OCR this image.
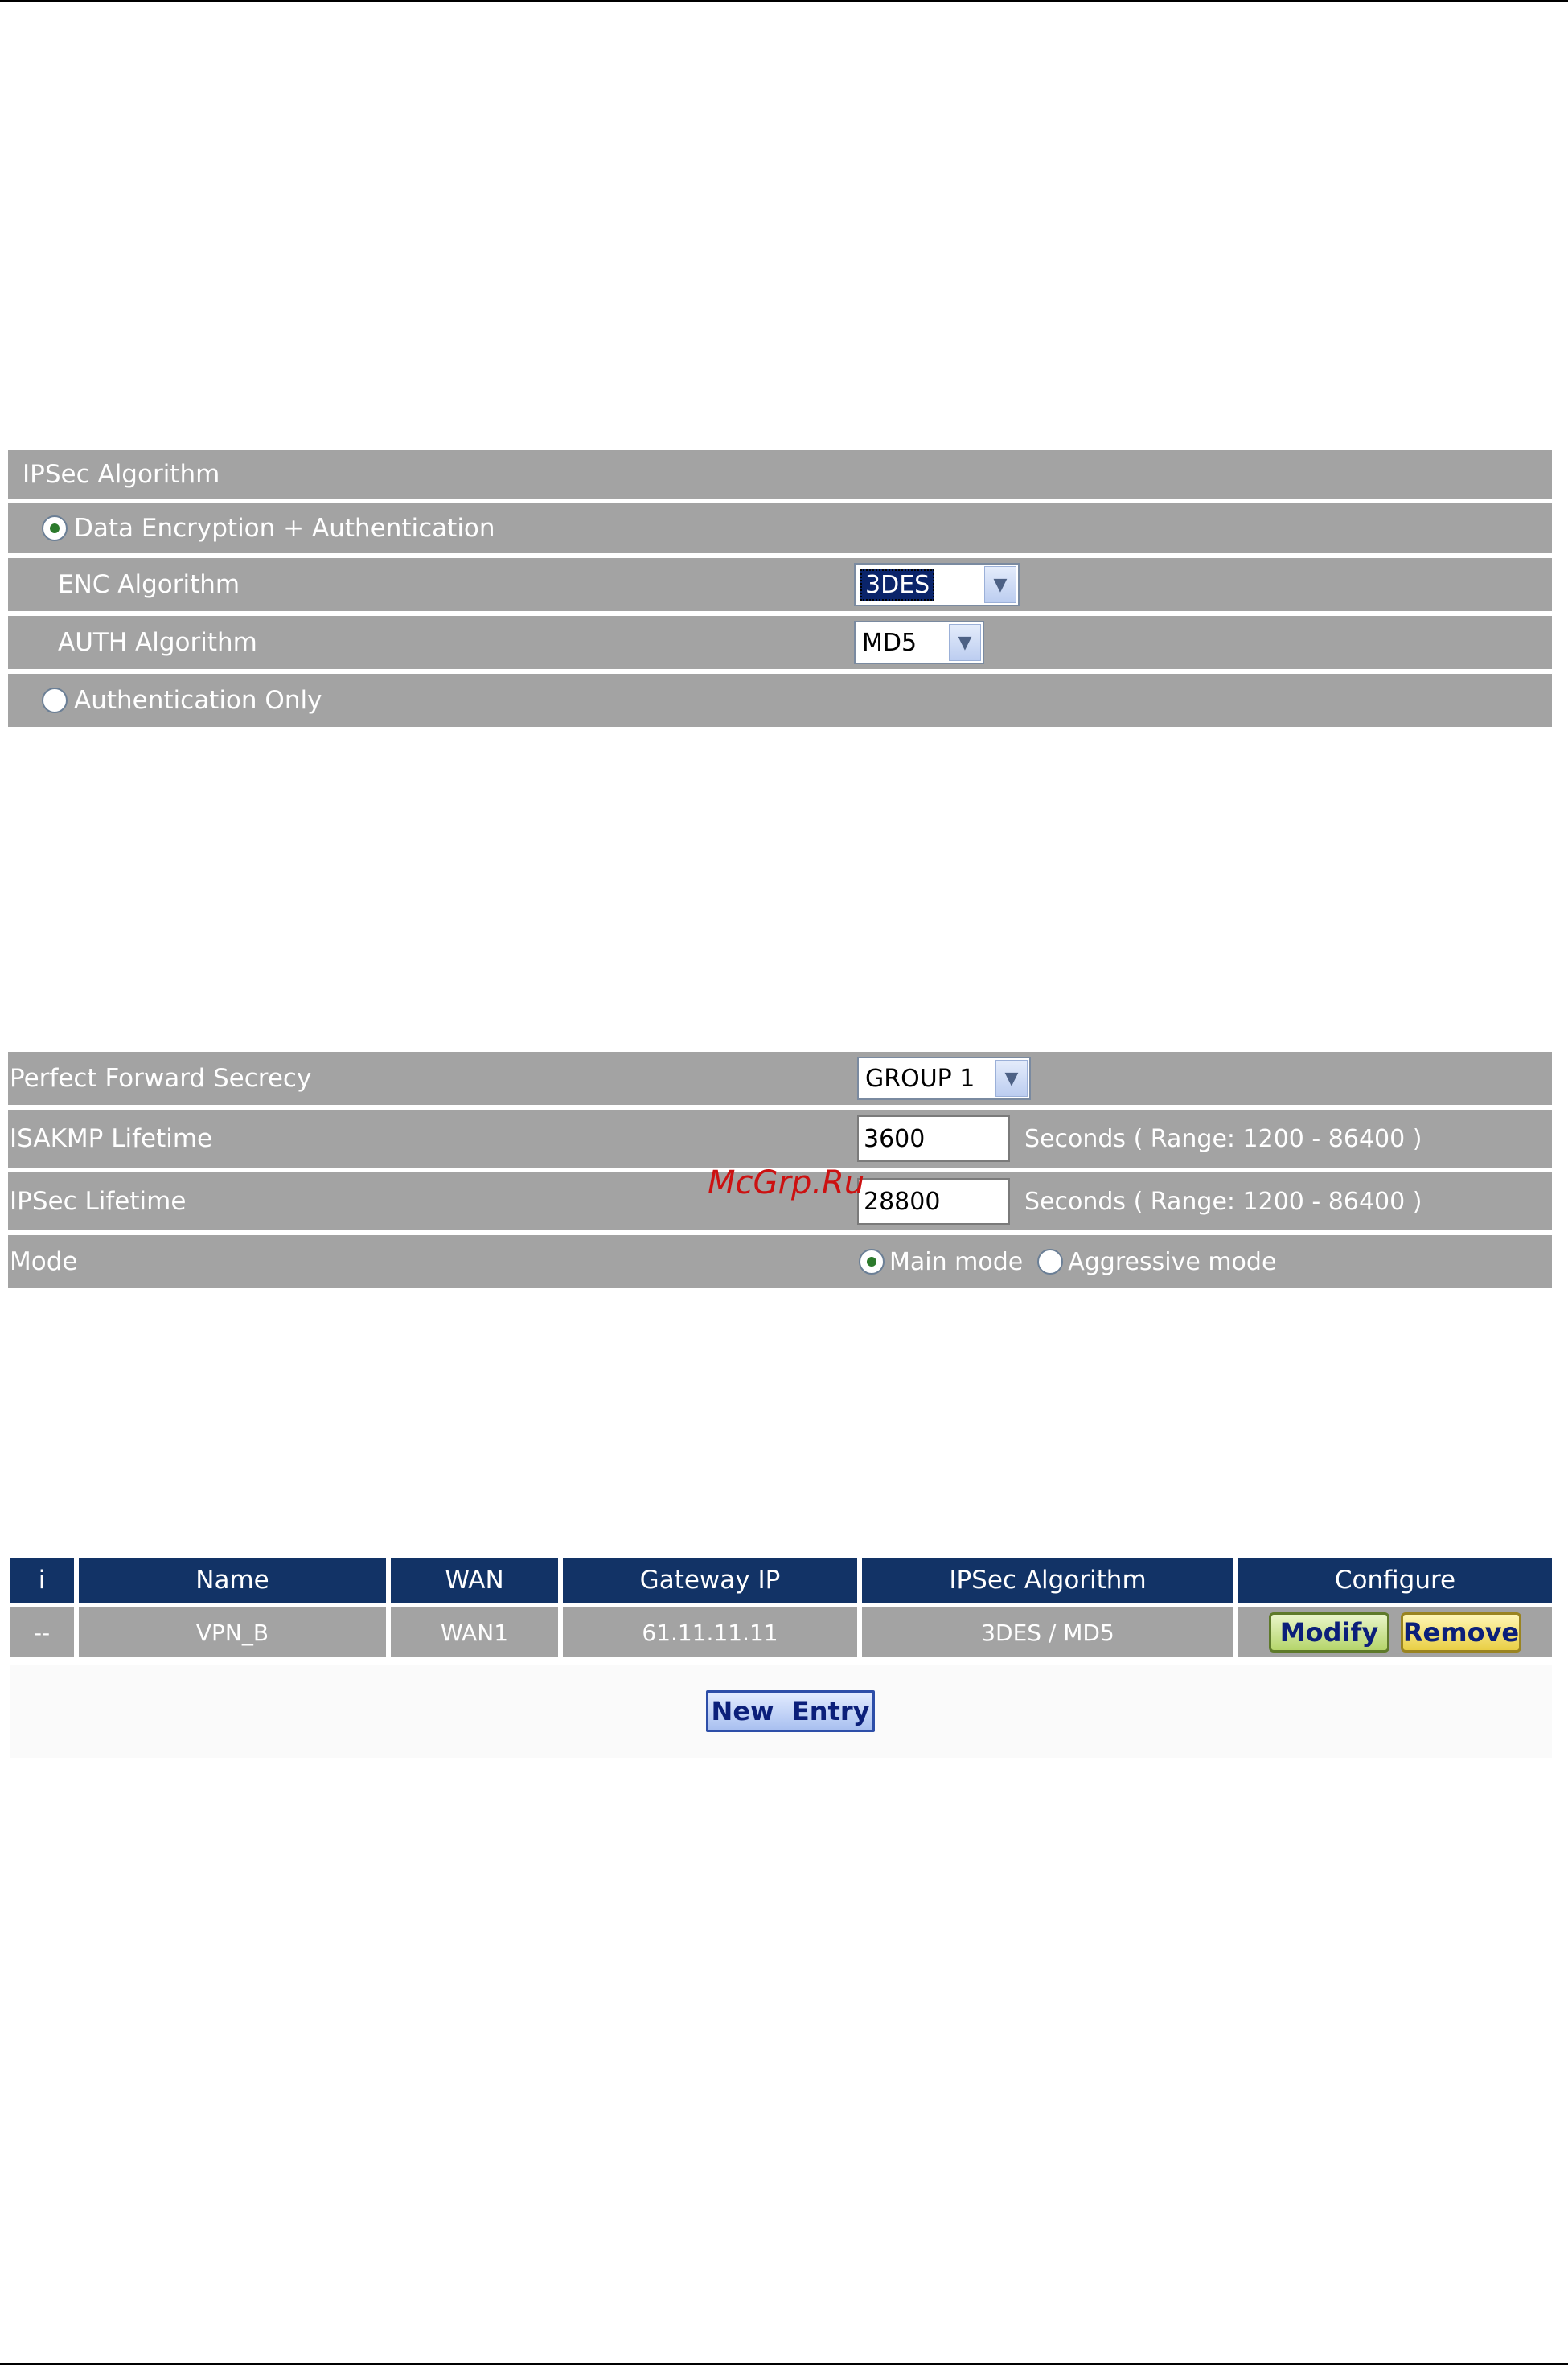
IPSec Algorithm
Data Encryption + Authentication
ENC Algorithm	3DES	▼
AUTH Algorithm	MD5	▼
Authentication Only
Perfect Forward Secrecy	GROUP 1	▼
ISAKMP Lifetime	3600	Seconds ( Range: 1200 - 86400 )
IPSec Lifetime	28800	Seconds ( Range: 1200 - 86400 )
Mode	Main mode Aggressive mode
McGrp.Ru
i	Name	WAN	Gateway IP	IPSec Algorithm	Configure
--	VPN_B	WAN1	61.11.11.11	3DES / MD5	Modify Remove
New  Entry
